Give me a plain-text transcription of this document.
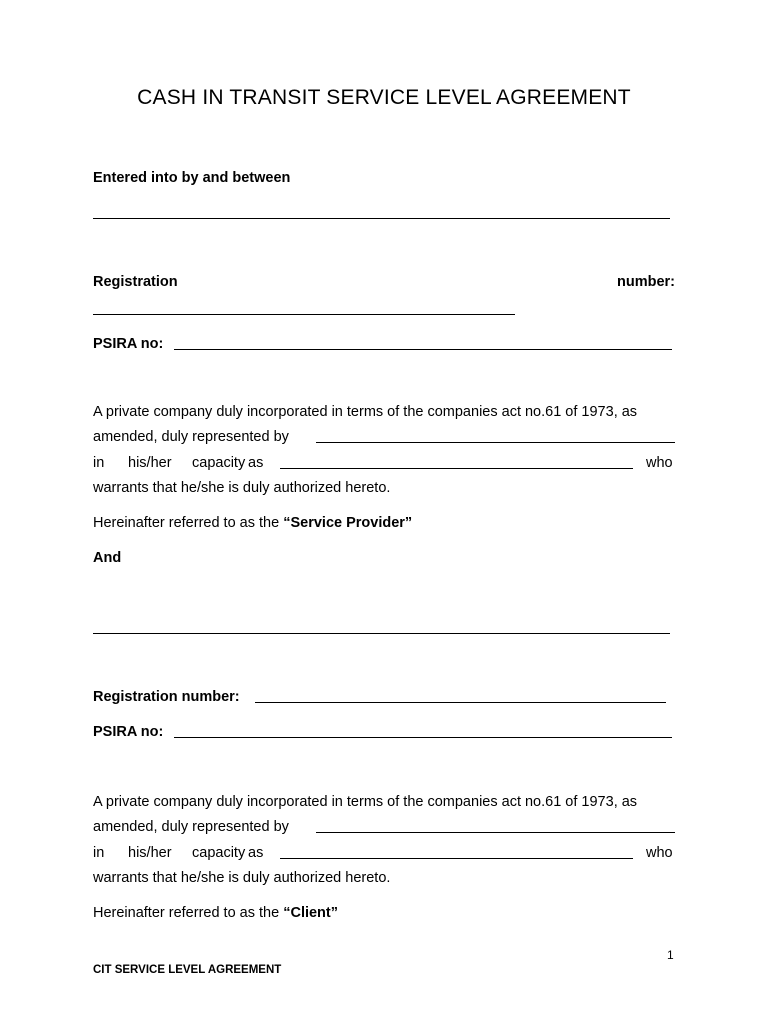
CASH IN TRANSIT SERVICE LEVEL AGREEMENT
Entered into by and between
Registration	number:
PSIRA no:
A private company duly incorporated in terms of the companies act no.61 of 1973, as
amended, duly represented by
in his/her capacity as	who
warrants that he/she is duly authorized hereto.
Hereinafter referred to as the “Service Provider”
And
Registration number:
PSIRA no:
A private company duly incorporated in terms of the companies act no.61 of 1973, as
amended, duly represented by
in his/her capacity as	who
warrants that he/she is duly authorized hereto.
Hereinafter referred to as the “Client”
1
CIT SERVICE LEVEL AGREEMENT
